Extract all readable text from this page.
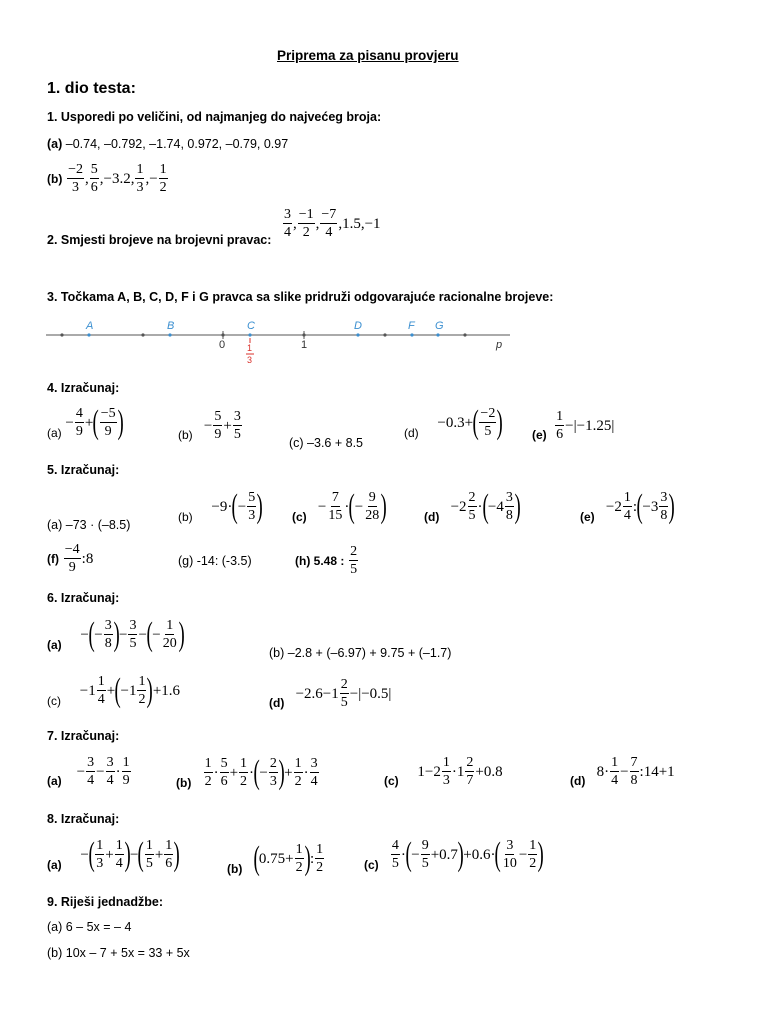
Priprema za pisanu provjeru
1. dio testa:
1. Usporedi po veličini, od najmanjeg do najvećeg broja:
(a) –0.74, –0.792, –1.74, 0.972, –0.79, 0.97
(b)
$\frac{-2}{3}$ , $\frac{5}{6} ,-3.2$, $\frac{1}{3}$ ,− $\frac{1}{2}$
2. Smjesti brojeve na brojevni pravac: $\frac{3}{4}$ , $\frac{-1}{2}$ , $\frac{-7}{4} ,1.5,-1$
3. Točkama A, B, C, D, F i G pravca sa slike pridruži odgovarajuće racionalne brojeve:
A	B	C	D	F G
0	1	p
1
3
4. Izračunaj:
(a)
− $\frac{4}{9}$ + ( $\frac{-5}{9}$ )	(b)
− $\frac{5}{9} + \frac{3}{5}$
(c) –3.6 + 8.5
(d)
−0.3+ ( $\frac{-2}{5}$ ) (e)
$\frac{1}{6} -|-1.25|$
5. Izračunaj:
(a) –73 · (–8.5)
(b)
−9· ( − $\frac{5}{3}$ ) (c)
− $\frac{7}{15}$ · ( − $\frac{9}{28}$ )	(d)
$-2 \frac{2}{5}$ · ( $-4 \frac{3}{8}$ )	(e)
$-2 \frac{1}{4}$ : ( $-3 \frac{3}{8}$ )
(f)
$\frac{-4}{9}$ :8	(g) -14: (-3.5)	(h) 5.48 :
$\frac{2}{5}$
6. Izračunaj:
(a)
− ( − $\frac{3}{8}$ ) − $\frac{3}{5}$ − ( − $\frac{1}{20}$ )	(b) –2.8 + (–6.97) + 9.75 + (–1.7)
(c)
$-1 \frac{1}{4}$ + ( $-1 \frac{1}{2}$ ) +1.6
(d)
$-2.6-1 \frac{2}{5} -|-0.5|$
7. Izračunaj:
(a)
− $\frac{3}{4} - \frac{3}{4} \cdot \frac{1}{9}$	(b)
$\frac{1}{2} \cdot \frac{5}{6} + \frac{1}{2}$ · ( − $\frac{2}{3}$ ) + $\frac{1}{2} \cdot \frac{3}{4}$	(c)
$1-2 \frac{1}{3} \cdot 1 \frac{2}{7} +0.8$
(d)
$8\cdot \frac{1}{4} - \frac{7}{8}$ :14+1
8. Izračunaj:
(a)
− ( $\frac{1}{3} + \frac{1}{4}$ ) − ( $\frac{1}{5} + \frac{1}{6}$ )	(b)
( $0.75+ \frac{1}{2}$ ) : $\frac{1}{2}$	(c)
$\frac{4}{5}$ · ( − $\frac{9}{5} +0.7$ ) +0.6· ( $\frac{3}{10} - \frac{1}{2}$ )
9. Riješi jednadžbe:
(a) 6 – 5x = – 4
(b) 10x – 7 + 5x = 33 + 5x
